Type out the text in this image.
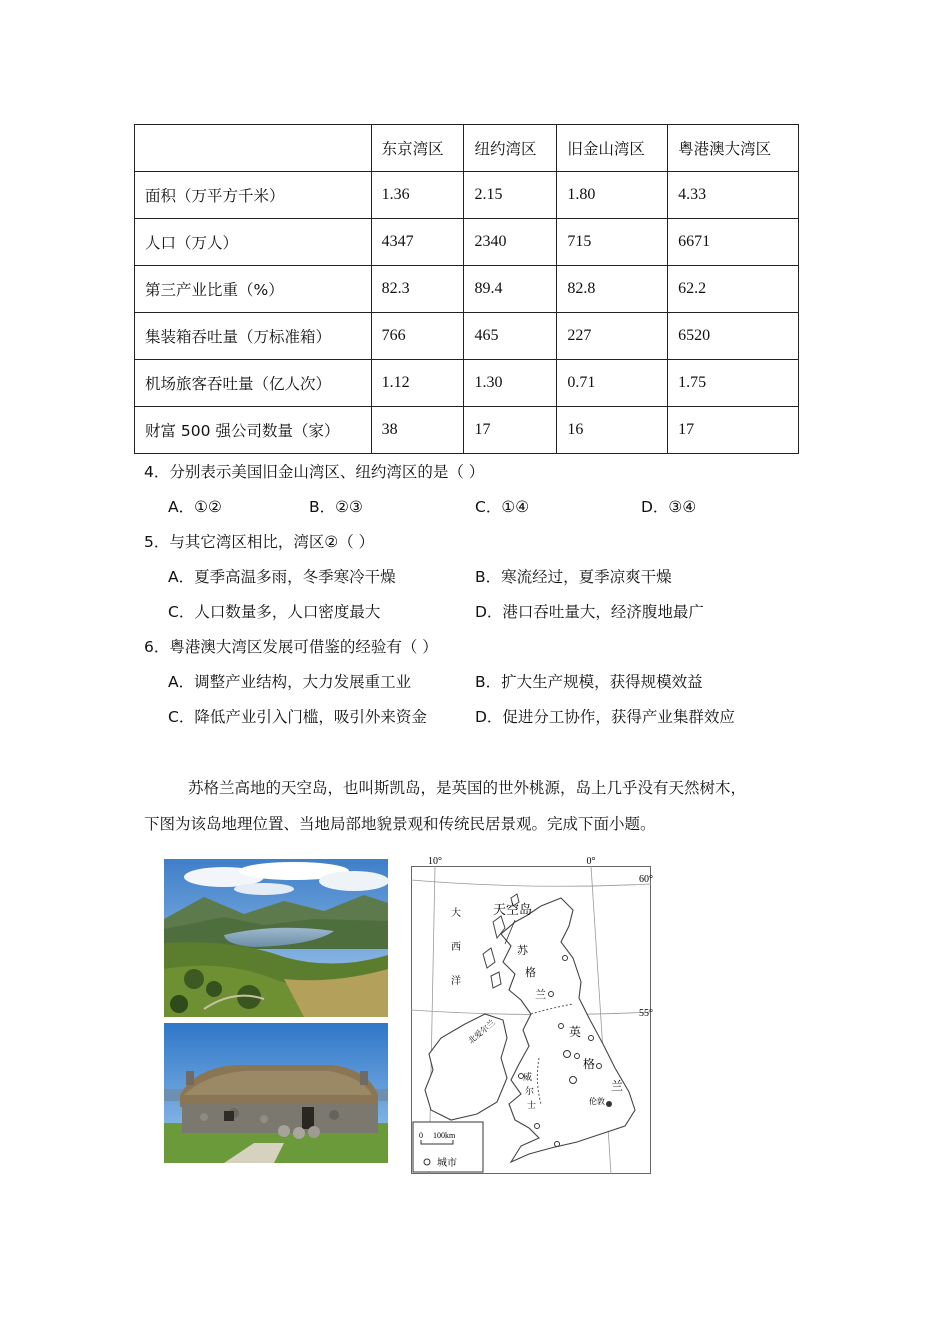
	东京湾区	纽约湾区	旧金山湾区	粤港澳大湾区
面积（万平方千米）	1.36	2.15	1.80	4.33
人口（万人）	4347	2340	715	6671
第三产业比重（%）	82.3	89.4	82.8	62.2
集装箱吞吐量（万标准箱）	766	465	227	6520
机场旅客吞吐量（亿人次）	1.12	1.30	0.71	1.75
财富 500 强公司数量（家）	38	17	16	17
4．分别表示美国旧金山湾区、纽约湾区的是（ ）
A．①②	B．②③	C．①④	D．③④
5．与其它湾区相比，湾区②（ ）
A．夏季高温多雨，冬季寒冷干燥	B．寒流经过，夏季凉爽干燥
C．人口数量多，人口密度最大	D．港口吞吐量大，经济腹地最广
6．粤港澳大湾区发展可借鉴的经验有（ ）
A．调整产业结构，大力发展重工业	B．扩大生产规模，获得规模效益
C．降低产业引入门槛，吸引外来资金	D．促进分工协作，获得产业集群效应
苏格兰高地的天空岛，也叫斯凯岛，是英国的世外桃源，岛上几乎没有天然树木，
下图为该岛地理位置、当地局部地貌景观和传统民居景观。完成下面小题。
10°	0°
60°
55°
天空岛
大
西
洋
苏
格
兰
北爱尔兰	英
格
兰
威
尔
士	伦敦
0     100km
城市
